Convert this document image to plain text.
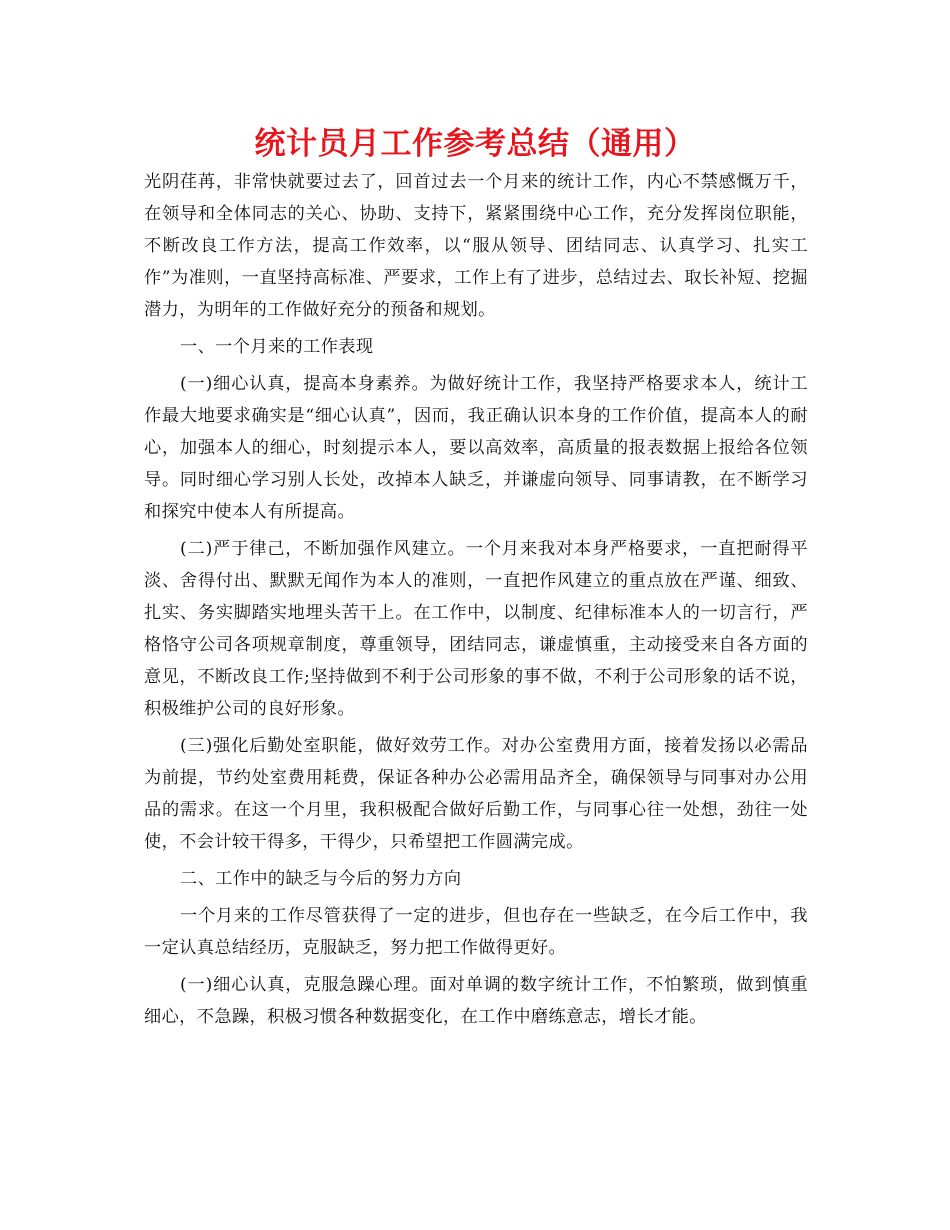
统计员月工作参考总结（通用）

光阴荏苒，非常快就要过去了，回首过去一个月来的统计工作，内心不禁感慨万千，在领导和全体同志的关心、协助、支持下，紧紧围绕中心工作，充分发挥岗位职能，不断改良工作方法，提高工作效率，以“服从领导、团结同志、认真学习、扎实工作”为准则，一直坚持高标准、严要求，工作上有了进步，总结过去、取长补短、挖掘潜力，为明年的工作做好充分的预备和规划。

一、一个月来的工作表现

(一)细心认真，提高本身素养。为做好统计工作，我坚持严格要求本人，统计工作最大地要求确实是“细心认真”，因而，我正确认识本身的工作价值，提高本人的耐心，加强本人的细心，时刻提示本人，要以高效率，高质量的报表数据上报给各位领导。同时细心学习别人长处，改掉本人缺乏，并谦虚向领导、同事请教，在不断学习和探究中使本人有所提高。

(二)严于律己，不断加强作风建立。一个月来我对本身严格要求，一直把耐得平淡、舍得付出、默默无闻作为本人的准则，一直把作风建立的重点放在严谨、细致、扎实、务实脚踏实地埋头苦干上。在工作中，以制度、纪律标准本人的一切言行，严格恪守公司各项规章制度，尊重领导，团结同志，谦虚慎重，主动接受来自各方面的意见，不断改良工作;坚持做到不利于公司形象的事不做，不利于公司形象的话不说，积极维护公司的良好形象。

(三)强化后勤处室职能，做好效劳工作。对办公室费用方面，接着发扬以必需品为前提，节约处室费用耗费，保证各种办公必需用品齐全，确保领导与同事对办公用品的需求。在这一个月里，我积极配合做好后勤工作，与同事心往一处想，劲往一处使，不会计较干得多，干得少，只希望把工作圆满完成。

二、工作中的缺乏与今后的努力方向

一个月来的工作尽管获得了一定的进步，但也存在一些缺乏，在今后工作中，我一定认真总结经历，克服缺乏，努力把工作做得更好。

(一)细心认真，克服急躁心理。面对单调的数字统计工作，不怕繁琐，做到慎重细心，不急躁，积极习惯各种数据变化，在工作中磨练意志，增长才能。
